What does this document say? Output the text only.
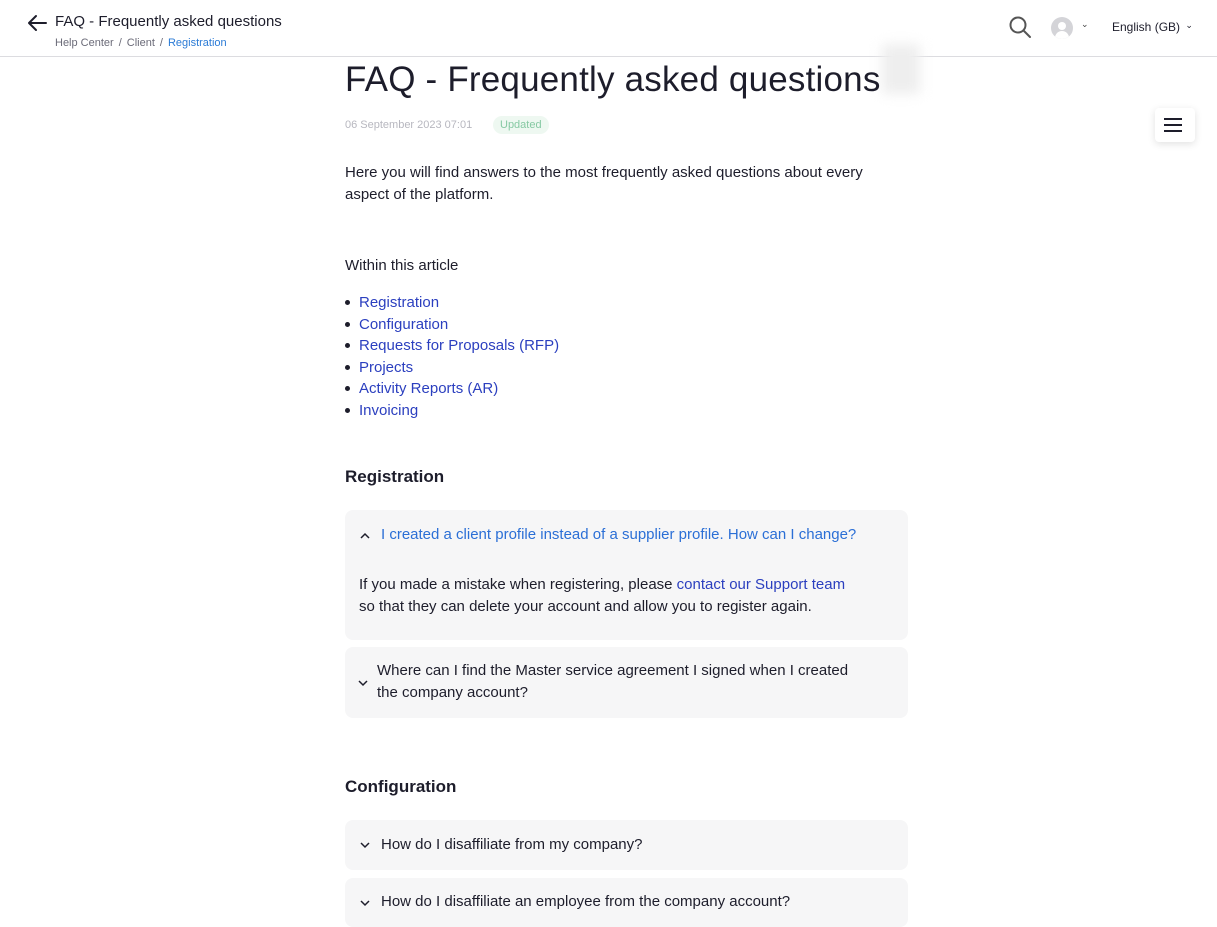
FAQ - Frequently asked questions
Help Center / Client / Registration
⌄ English (GB) ⌄
FAQ - Frequently asked questions
06 September 2023 07:01	Updated
Here you will find answers to the most frequently asked questions about every aspect of the platform.
Within this article
Registration
Configuration
Requests for Proposals (RFP)
Projects
Activity Reports (AR)
Invoicing
Registration
I created a client profile instead of a supplier profile. How can I change?
If you made a mistake when registering, please contact our Support team
so that they can delete your account and allow you to register again.
Where can I find the Master service agreement I signed when I created
the company account?
Configuration
How do I disaffiliate from my company?
How do I disaffiliate an employee from the company account?
